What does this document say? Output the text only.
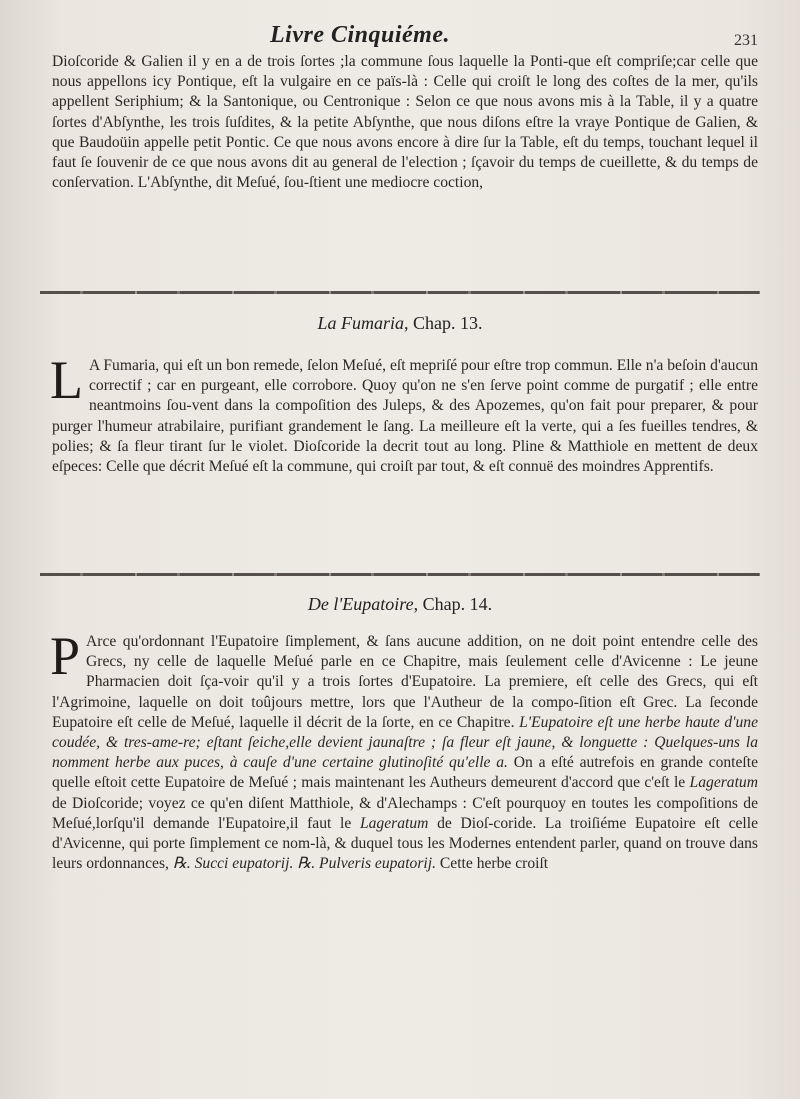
Livre Cinquiéme.	231

Dioſcoride & Galien il y en a de trois ſortes ;la commune ſous laquelle la Ponti-que eſt compriſe;car celle que nous appellons icy Pontique, eſt la vulgaire en ce païs-là : Celle qui croiſt le long des coſtes de la mer, qu'ils appellent Seriphium; & la Santonique, ou Centronique : Selon ce que nous avons mis à la Table, il y a quatre ſortes d'Abſynthe, les trois ſuſdites, & la petite Abſynthe, que nous diſons eſtre la vraye Pontique de Galien, & que Baudoüin appelle petit Pontic. Ce que nous avons encore à dire ſur la Table, eſt du temps, touchant lequel il faut ſe ſouvenir de ce que nous avons dit au general de l'election ; ſçavoir du temps de cueillette, & du temps de conſervation. L'Abſynthe, dit Meſué, ſou-ſtient une mediocre coction,

La Fumaria, Chap. 13.

L A Fumaria, qui eſt un bon remede, ſelon Meſué, eſt mepriſé pour eſtre trop commun. Elle n'a beſoin d'aucun correctif ; car en purgeant, elle corrobore. Quoy qu'on ne s'en ſerve point comme de purgatif ; elle entre neantmoins ſou-vent dans la compoſition des Juleps, & des Apozemes, qu'on fait pour preparer, & pour purger l'humeur atrabilaire, purifiant grandement le ſang. La meilleure eſt la verte, qui a ſes fueilles tendres, & polies; & ſa fleur tirant ſur le violet. Dioſcoride la decrit tout au long. Pline & Matthiole en mettent de deux eſpeces: Celle que décrit Meſué eſt la commune, qui croiſt par tout, & eſt connuë des moindres Apprentifs.

De l'Eupatoire, Chap. 14.

P Arce qu'ordonnant l'Eupatoire ſimplement, & ſans aucune addition, on ne doit point entendre celle des Grecs, ny celle de laquelle Meſué parle en ce Chapitre, mais ſeulement celle d'Avicenne : Le jeune Pharmacien doit ſça-voir qu'il y a trois ſortes d'Eupatoire. La premiere, eſt celle des Grecs, qui eſt l'Agrimoine, laquelle on doit toûjours mettre, lors que l'Autheur de la compo-ſition eſt Grec. La ſeconde Eupatoire eſt celle de Meſué, laquelle il décrit de la ſorte, en ce Chapitre. L'Eupatoire eſt une herbe haute d'une coudée, & tres-ame-re; eſtant ſeiche,elle devient jaunaſtre ; ſa fleur eſt jaune, & longuette : Quelques-uns la nomment herbe aux puces, à cauſe d'une certaine glutinoſité qu'elle a. On a eſté autrefois en grande conteſte quelle eſtoit cette Eupatoire de Meſué ; mais maintenant les Autheurs demeurent d'accord que c'eſt le Lageratum de Dioſcoride; voyez ce qu'en diſent Matthiole, & d'Alechamps : C'eſt pourquoy en toutes les compoſitions de Meſué,lorſqu'il demande l'Eupatoire,il faut le Lageratum de Dioſ-coride. La troiſiéme Eupatoire eſt celle d'Avicenne, qui porte ſimplement ce nom-là, & duquel tous les Modernes entendent parler, quand on trouve dans leurs ordonnances, ℞. Succi eupatorij. ℞. Pulveris eupatorij. Cette herbe croiſt
